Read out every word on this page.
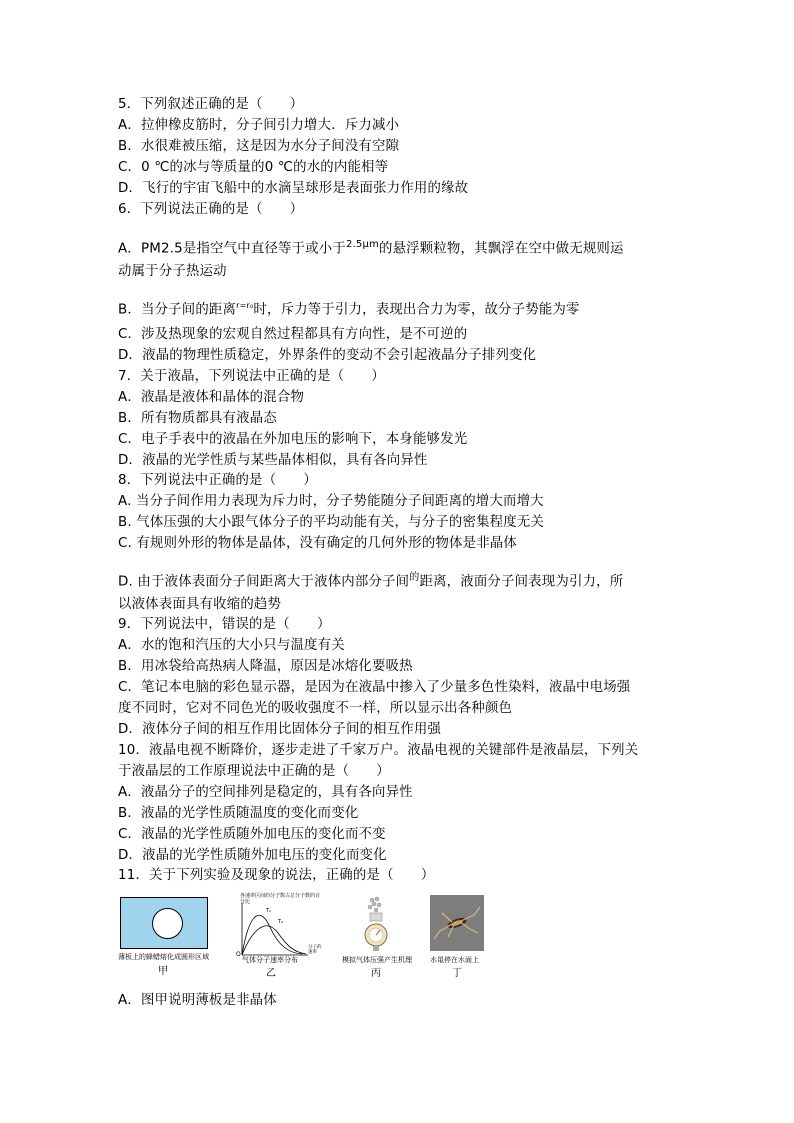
5．下列叙述正确的是（　　）
A．拉伸橡皮筋时，分子间引力增大．斥力减小
B．水很难被压缩，这是因为水分子间没有空隙
C．0 ℃的冰与等质量的0 ℃的水的内能相等
D．飞行的宇宙飞船中的水滴呈球形是表面张力作用的缘故
6．下列说法正确的是（　　）
A．PM2.5是指空气中直径等于或小于$^{2.5\mu m}$的悬浮颗粒物，其飘浮在空中做无规则运
动属于分子热运动
B．当分子间的距离$^{r=r_0}$时，斥力等于引力，表现出合力为零，故分子势能为零
C．涉及热现象的宏观自然过程都具有方向性，是不可逆的
D．液晶的物理性质稳定，外界条件的变动不会引起液晶分子排列变化
7．关于液晶，下列说法中正确的是（　　）
A．液晶是液体和晶体的混合物
B．所有物质都具有液晶态
C．电子手表中的液晶在外加电压的影响下，本身能够发光
D．液晶的光学性质与某些晶体相似，具有各向异性
8．下列说法中正确的是（　　）
A. 当分子间作用力表现为斥力时，分子势能随分子间距离的增大而增大
B. 气体压强的大小跟气体分子的平均动能有关，与分子的密集程度无关
C. 有规则外形的物体是晶体，没有确定的几何外形的物体是非晶体
D. 由于液体表面分子间距离大于液体内部分子间$^的$距离，液面分子间表现为引力，所
以液体表面具有收缩的趋势
9．下列说法中，错误的是（　　）
A．水的饱和汽压的大小只与温度有关
B．用冰袋给高热病人降温，原因是冰熔化要吸热
C．笔记本电脑的彩色显示器，是因为在液晶中掺入了少量多色性染料，液晶中电场强
度不同时，它对不同色光的吸收强度不一样，所以显示出各种颜色
D．液体分子间的相互作用比固体分子间的相互作用强
10．液晶电视不断降价，逐步走进了千家万户。液晶电视的关键部件是液晶层，下列关
于液晶层的工作原理说法中正确的是（　　）
A．液晶分子的空间排列是稳定的，具有各向异性
B．液晶的光学性质随温度的变化而变化
C．液晶的光学性质随外加电压的变化而不变
D．液晶的光学性质随外加电压的变化而变化
11．关于下列实验及现象的说法，正确的是（　　）
薄板上的蜂蜡熔化成圆形区域
甲
各速率区间的分子数占总分子数的百分比
O
T₁
T₂
分子的速率
气体分子速率分布
乙
模拟气体压强产生机理
丙
水黾停在水面上
丁
A．图甲说明薄板是非晶体
